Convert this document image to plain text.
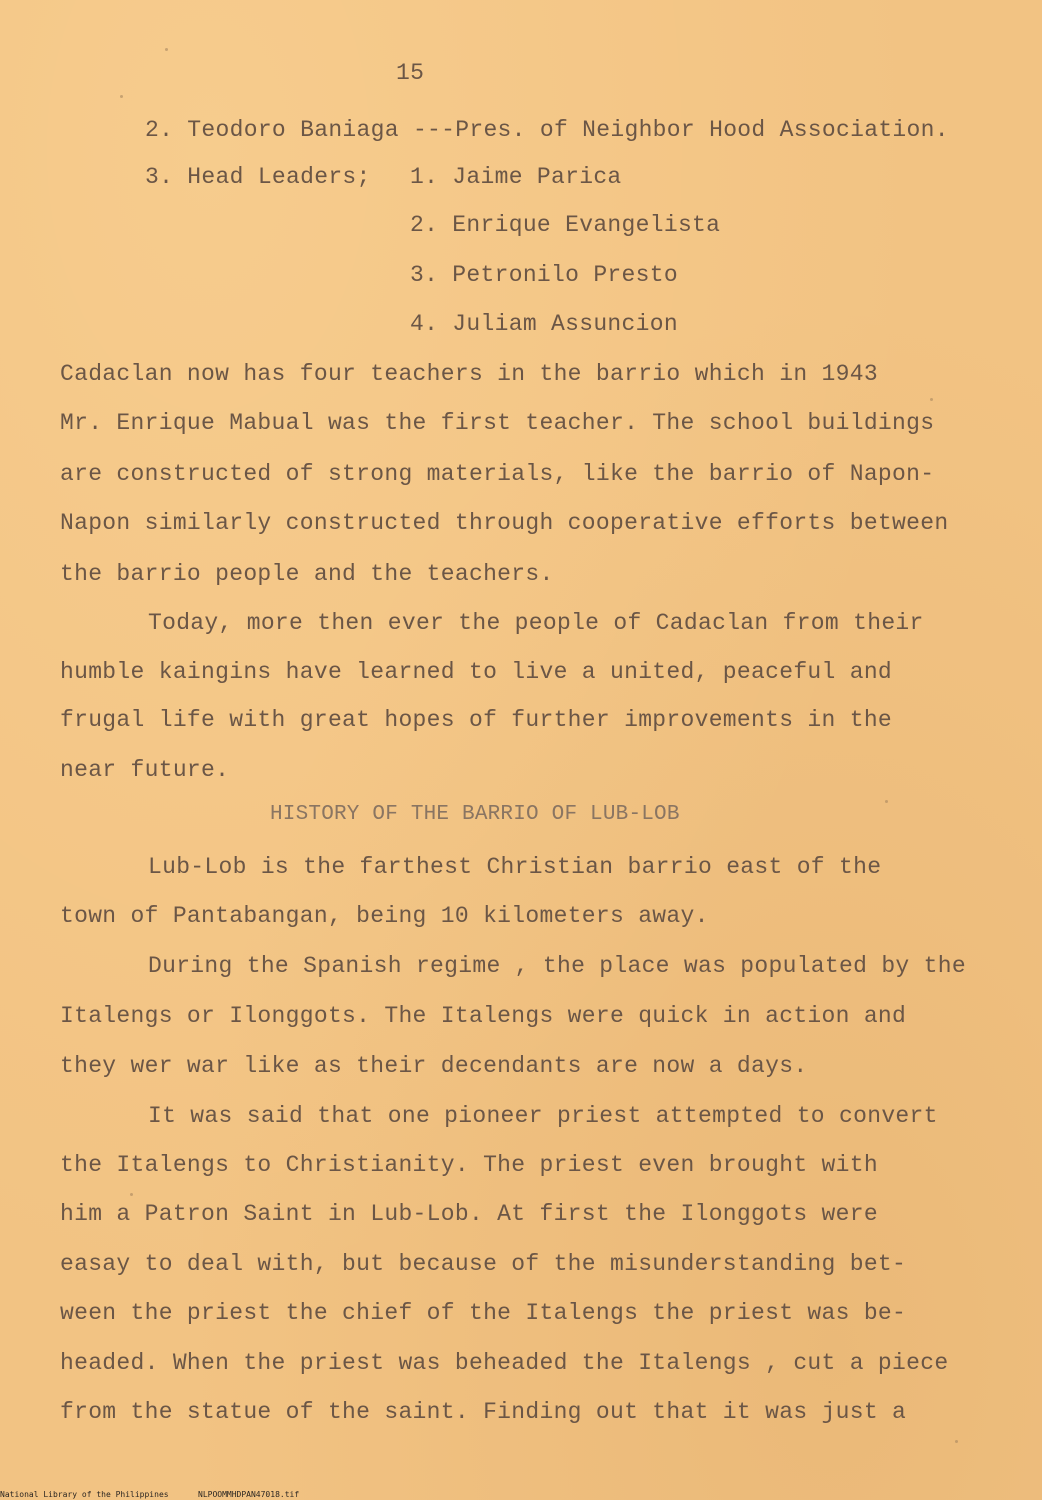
15
2. Teodoro Baniaga ---Pres. of Neighbor Hood Association.
3. Head Leaders; 1. Jaime Parica
2. Enrique Evangelista
3. Petronilo Presto
4. Juliam Assuncion
Cadaclan now has four teachers in the barrio which in 1943
Mr. Enrique Mabual was the first teacher. The school buildings
are constructed of strong materials, like the barrio of Napon-
Napon similarly constructed through cooperative efforts between
the barrio people and the teachers.
Today, more then ever the people of Cadaclan from their
humble kaingins have learned to live a united, peaceful and
frugal life with great hopes of further improvements in the
near future.
HISTORY OF THE BARRIO OF LUB-LOB
Lub-Lob is the farthest Christian barrio east of the
town of Pantabangan, being 10 kilometers away.
During the Spanish regime , the place was populated by the
Italengs or Ilonggots. The Italengs were quick in action and
they wer war like as their decendants are now a days.
It was said that one pioneer priest attempted to convert
the Italengs to Christianity. The priest even brought with
him a Patron Saint in Lub-Lob. At first the Ilonggots were
easay to deal with, but because of the misunderstanding bet-
ween the priest the chief of the Italengs the priest was be-
headed. When the priest was beheaded the Italengs , cut a piece
from the statue of the saint. Finding out that it was just a
National Library of the Philippines	NLPOOMMHDPAN47018.tif
